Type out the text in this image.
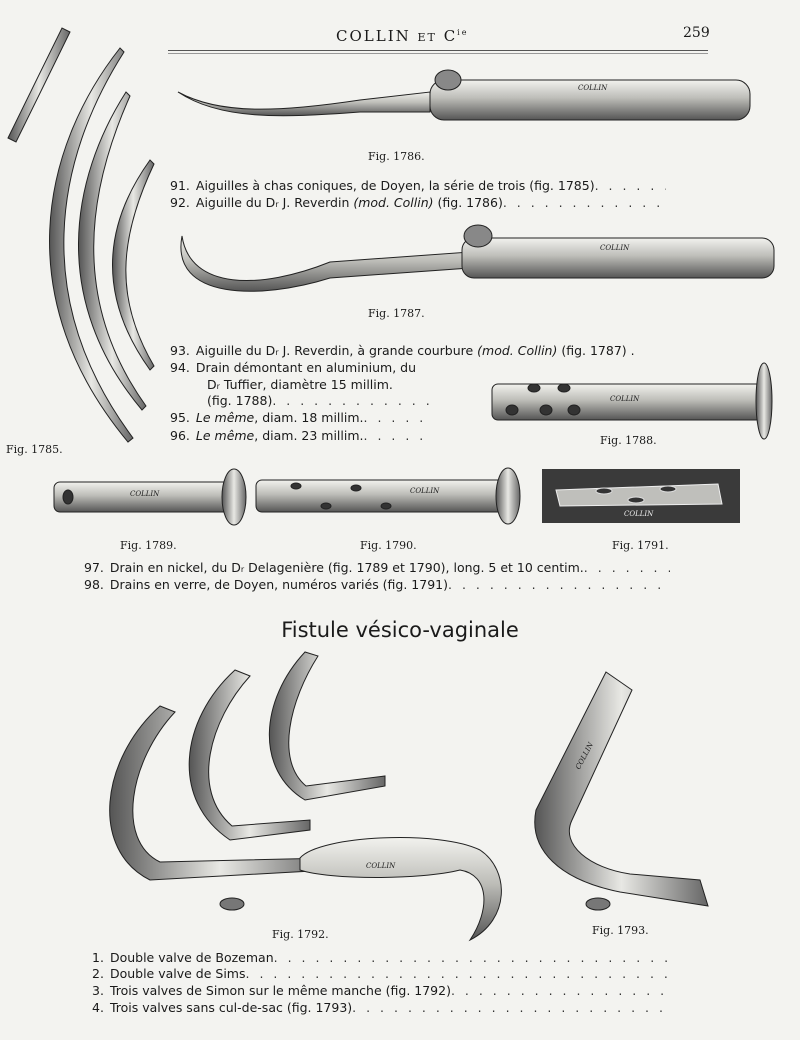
COLLIN ET $C^{ie}$	259
COLLIN
COLLIN
COLLIN
COLLIN	COLLIN
COLLIN
COLLIN
COLLIN
Fig. 1785.
Fig. 1786.
Fig. 1787.
Fig. 1788.
Fig. 1789.	Fig. 1790.	Fig. 1791.
Fig. 1792.	Fig. 1793.
91. Aiguilles à chas coniques, de Doyen, la série de trois (fig. 1785)
. . .
92. Aiguille du D r J. Reverdin (mod. Collin) (fig. 1786)
. . .
93. Aiguille du D r J. Reverdin, à grande courbure (mod. Collin) (fig. 1787) .
94. Drain démontant en aluminium, du
D r Tuffier, diamètre 15 millim.
(fig. 1788)
. . .
95. Le même , diam. 18 millim.
. . .
96. Le même , diam. 23 millim.
. . .
97. Drain en nickel, du D r Delagenière (fig. 1789 et 1790), long. 5 et 10 centim.
. . .
98. Drains en verre, de Doyen, numéros variés (fig. 1791)
. . .
Fistule vésico-vaginale
1. Double valve de Bozeman
. . .
2. Double valve de Sims
. . .
3. Trois valves de Simon sur le même manche (fig. 1792)
. . .
4. Trois valves sans cul-de-sac (fig. 1793)
. . .
